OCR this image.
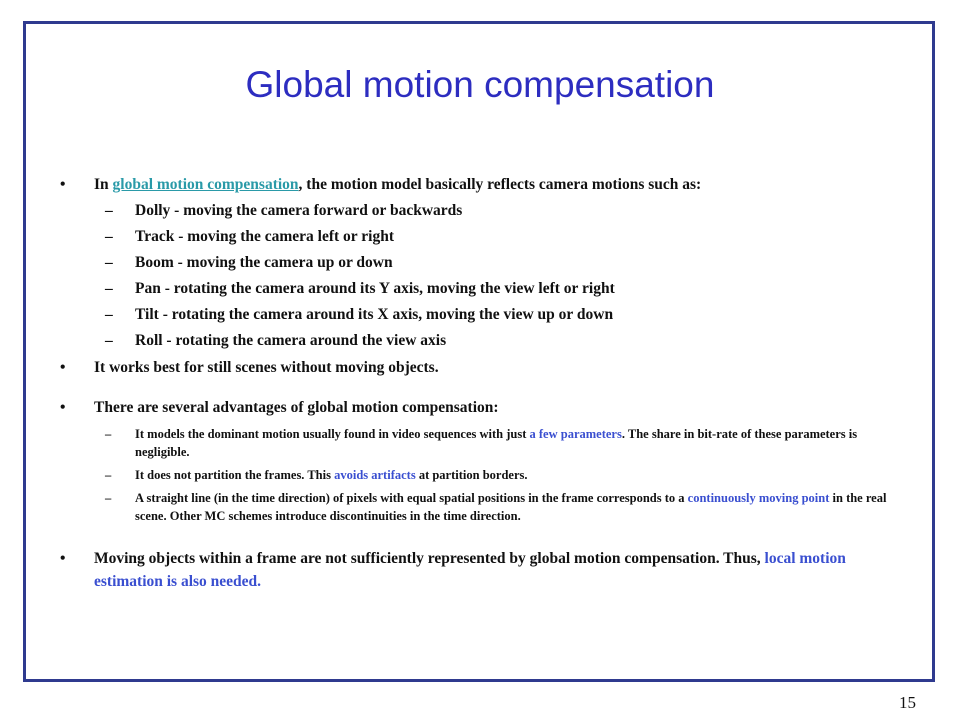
Global motion compensation
• In global motion compensation, the motion model basically reflects camera motions such as:
– Dolly - moving the camera forward or backwards
– Track - moving the camera left or right
– Boom - moving the camera up or down
– Pan - rotating the camera around its Y axis, moving the view left or right
– Tilt - rotating the camera around its X axis, moving the view up or down
– Roll - rotating the camera around the view axis
• It works best for still scenes without moving objects.
• There are several advantages of global motion compensation:
– It models the dominant motion usually found in video sequences with just a few parameters. The share in bit-rate of these parameters is negligible.
– It does not partition the frames. This avoids artifacts at partition borders.
– A straight line (in the time direction) of pixels with equal spatial positions in the frame corresponds to a continuously moving point in the real scene. Other MC schemes introduce discontinuities in the time direction.
• Moving objects within a frame are not sufficiently represented by global motion compensation. Thus, local motion estimation is also needed.
15
